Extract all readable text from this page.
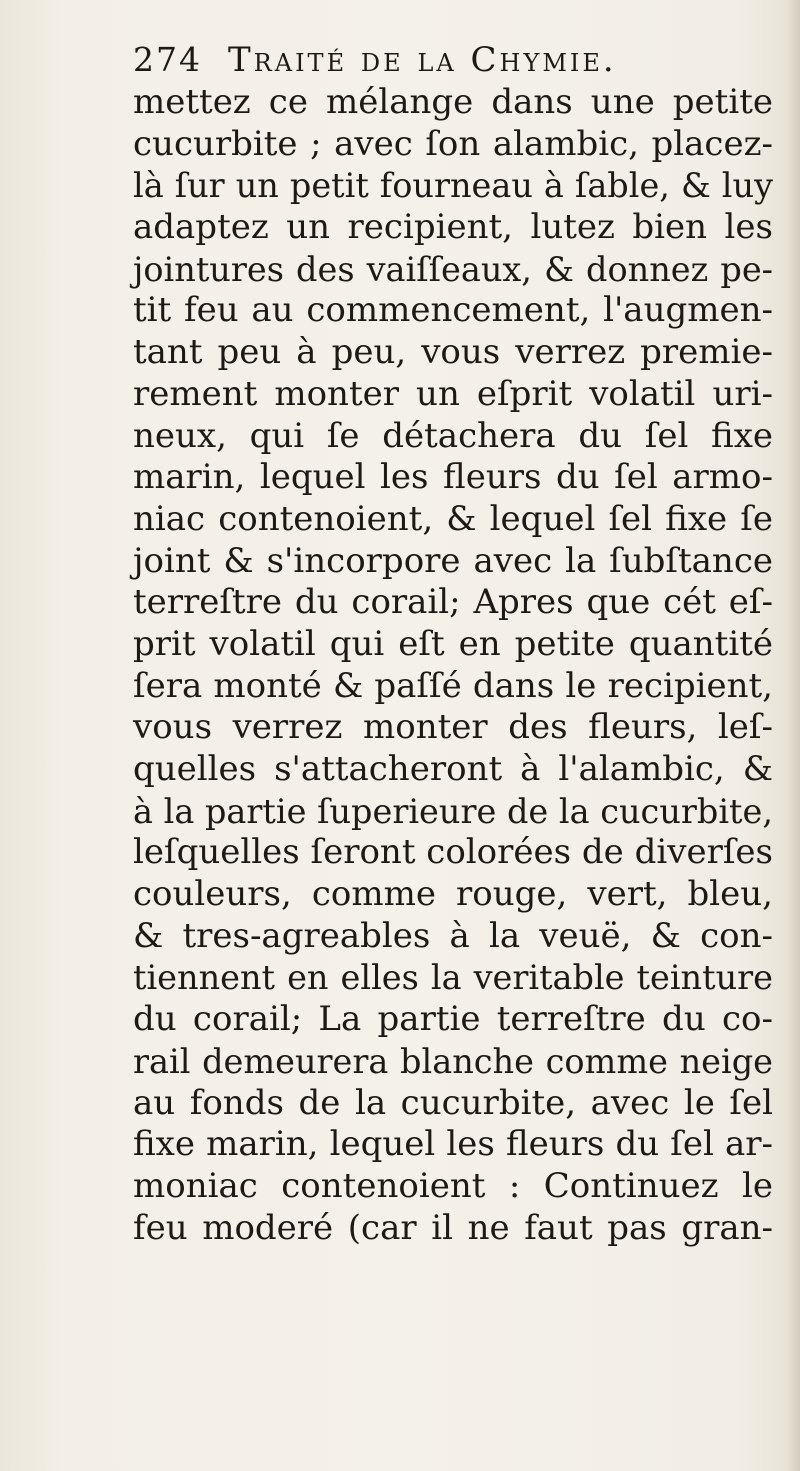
274 Traité de la Chymie.
mettez ce mélange dans une petite
cucurbite ; avec ſon alambic, placez-
là ſur un petit fourneau à ſable, & luy
adaptez un recipient, lutez bien les
jointures des vaiſſeaux, & donnez pe-
tit feu au commencement, l'augmen-
tant peu à peu, vous verrez premie-
rement monter un eſprit volatil uri-
neux, qui ſe détachera du ſel fixe
marin, lequel les fleurs du ſel armo-
niac contenoient, & lequel ſel fixe ſe
joint & s'incorpore avec la ſubſtance
terreſtre du corail; Apres que cét eſ-
prit volatil qui eſt en petite quantité
ſera monté & paſſé dans le recipient,
vous verrez monter des fleurs, leſ-
quelles s'attacheront à l'alambic, &
à la partie ſuperieure de la cucurbite,
leſquelles ſeront colorées de diverſes
couleurs, comme rouge, vert, bleu,
& tres-agreables à la veuë, & con-
tiennent en elles la veritable teinture
du corail; La partie terreſtre du co-
rail demeurera blanche comme neige
au fonds de la cucurbite, avec le ſel
fixe marin, lequel les fleurs du ſel ar-
moniac contenoient : Continuez le
feu moderé (car il ne faut pas gran-
